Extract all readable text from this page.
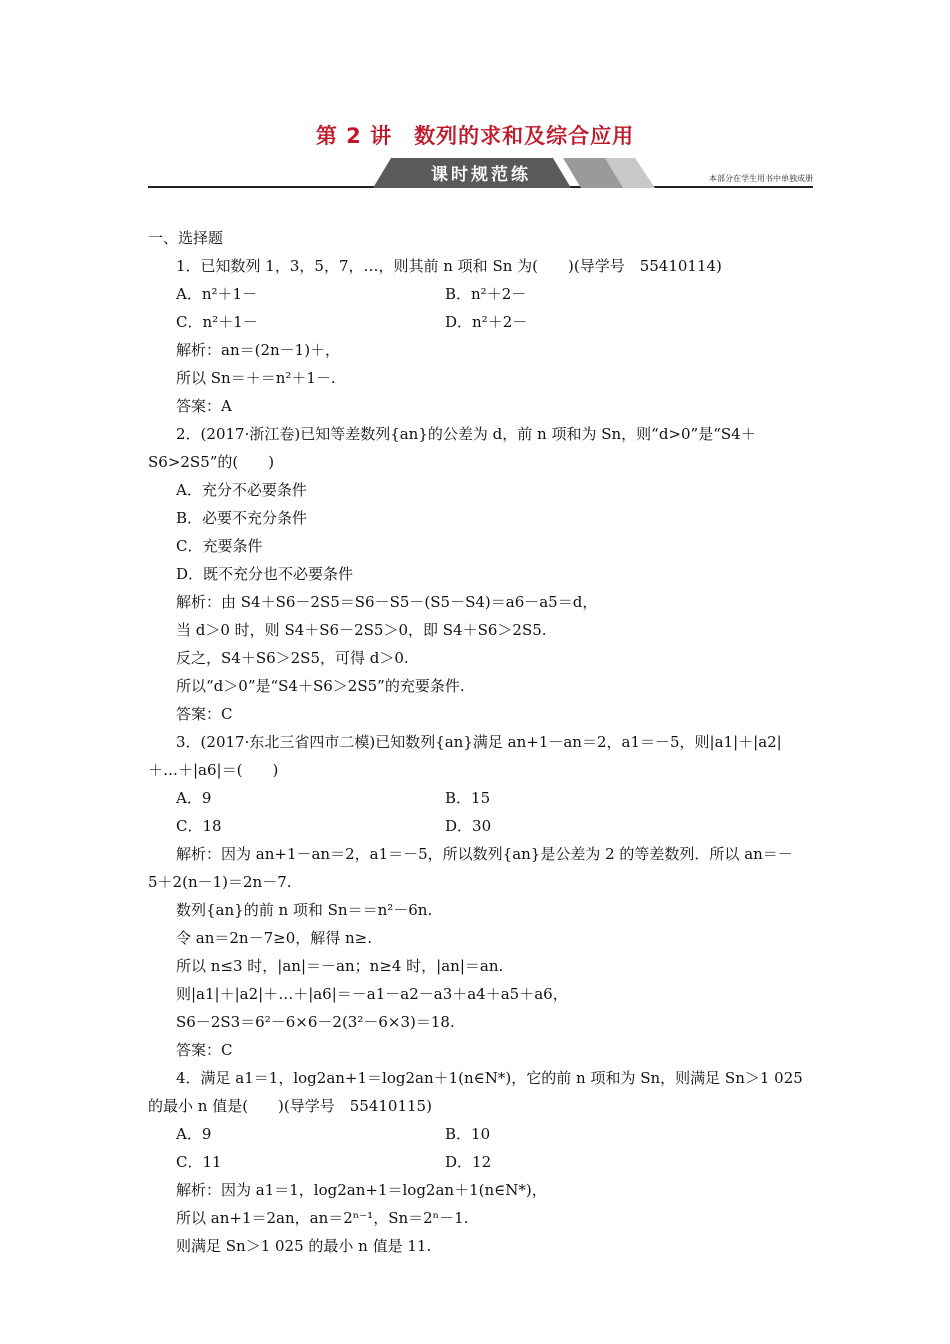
第 2 讲　数列的求和及综合应用
课时规范练	本部分在学生用书中单独成册
一、选择题
1．已知数列 1，3，5，7，…，则其前 n 项和 Sn 为(　　)(导学号　55410114)
A．n²＋1－	B．n²＋2－
C．n²＋1－	D．n²＋2－
解析：an＝(2n－1)＋，
所以 Sn＝＋＝n²＋1－.
答案：A
2．(2017·浙江卷)已知等差数列{an}的公差为 d，前 n 项和为 Sn，则“d>0”是“S4＋
S6>2S5”的(　　)
A．充分不必要条件
B．必要不充分条件
C．充要条件
D．既不充分也不必要条件
解析：由 S4＋S6－2S5＝S6－S5－(S5－S4)＝a6－a5＝d，
当 d＞0 时，则 S4＋S6－2S5＞0，即 S4＋S6＞2S5.
反之，S4＋S6＞2S5，可得 d＞0.
所以“d＞0”是“S4＋S6＞2S5”的充要条件.
答案：C
3．(2017·东北三省四市二模)已知数列{an}满足 an+1－an＝2，a1＝－5，则|a1|＋|a2|
＋…＋|a6|＝(　　)
A．9	B．15
C．18	D．30
解析：因为 an+1－an＝2，a1＝－5，所以数列{an}是公差为 2 的等差数列．所以 an＝－
5＋2(n－1)＝2n－7.
数列{an}的前 n 项和 Sn＝＝n²－6n.
令 an＝2n－7≥0，解得 n≥.
所以 n≤3 时，|an|＝－an；n≥4 时，|an|＝an.
则|a1|＋|a2|＋…＋|a6|＝－a1－a2－a3＋a4＋a5＋a6，
S6－2S3＝6²－6×6－2(3²－6×3)＝18.
答案：C
4．满足 a1＝1，log2an+1＝log2an＋1(n∈N*)，它的前 n 项和为 Sn，则满足 Sn＞1 025
的最小 n 值是(　　)(导学号　55410115)
A．9	B．10
C．11	D．12
解析：因为 a1＝1，log2an+1＝log2an＋1(n∈N*)，
所以 an+1＝2an，an＝2ⁿ⁻¹，Sn＝2ⁿ－1.
则满足 Sn＞1 025 的最小 n 值是 11.
